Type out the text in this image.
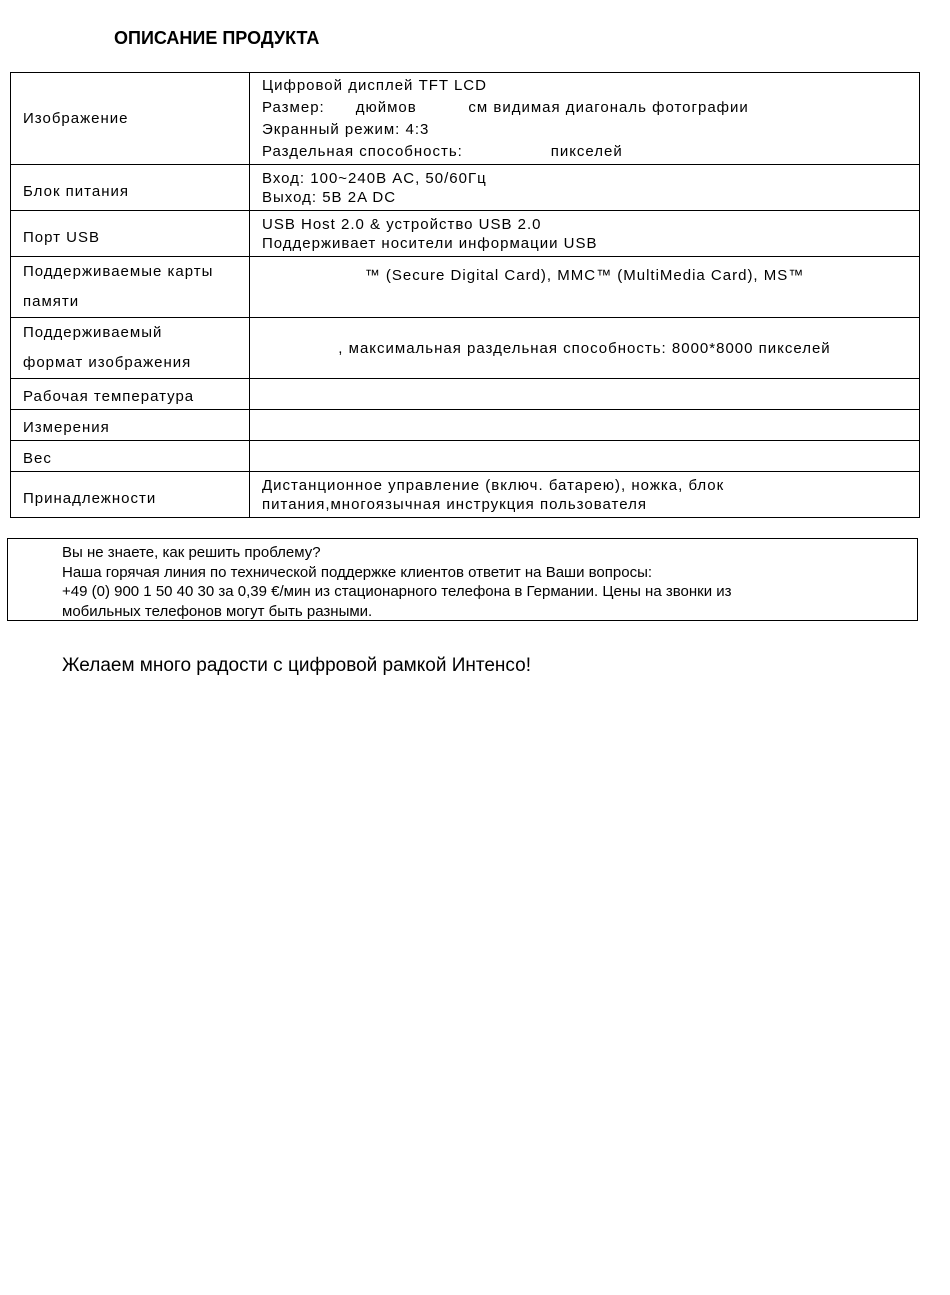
ОПИСАНИЕ ПРОДУКТА
Изображение	Цифровой дисплей TFT LCD
Размер:      дюймов          см видимая диагональ фотографии
Экранный режим: 4:3
Раздельная способность:                 пикселей

Блок питания	Вход: 100~240В AC, 50/60Гц
Выход: 5В 2A DC

Порт USB	USB Host 2.0 & устройство USB 2.0
Поддерживает носители информации USB

Поддерживаемые карты
памяти	™ (Secure Digital Card), MMC™ (MultiMedia Card), MS™

Поддерживаемый
формат изображения	, максимальная раздельная способность: 8000*8000 пикселей

Рабочая температура	

Измерения	

Вес	

Принадлежности	Дистанционное управление (включ. батарею), ножка, блок
питания,многоязычная инструкция пользователя
Вы не знаете, как решить проблему?
Наша горячая линия по технической поддержке клиентов ответит на Ваши вопросы:
+49 (0) 900 1 50 40 30 за 0,39 €/мин из стационарного телефона в Германии. Цены на звонки из
мобильных телефонов могут быть разными.
Желаем много радости с цифровой рамкой Интенсо!
